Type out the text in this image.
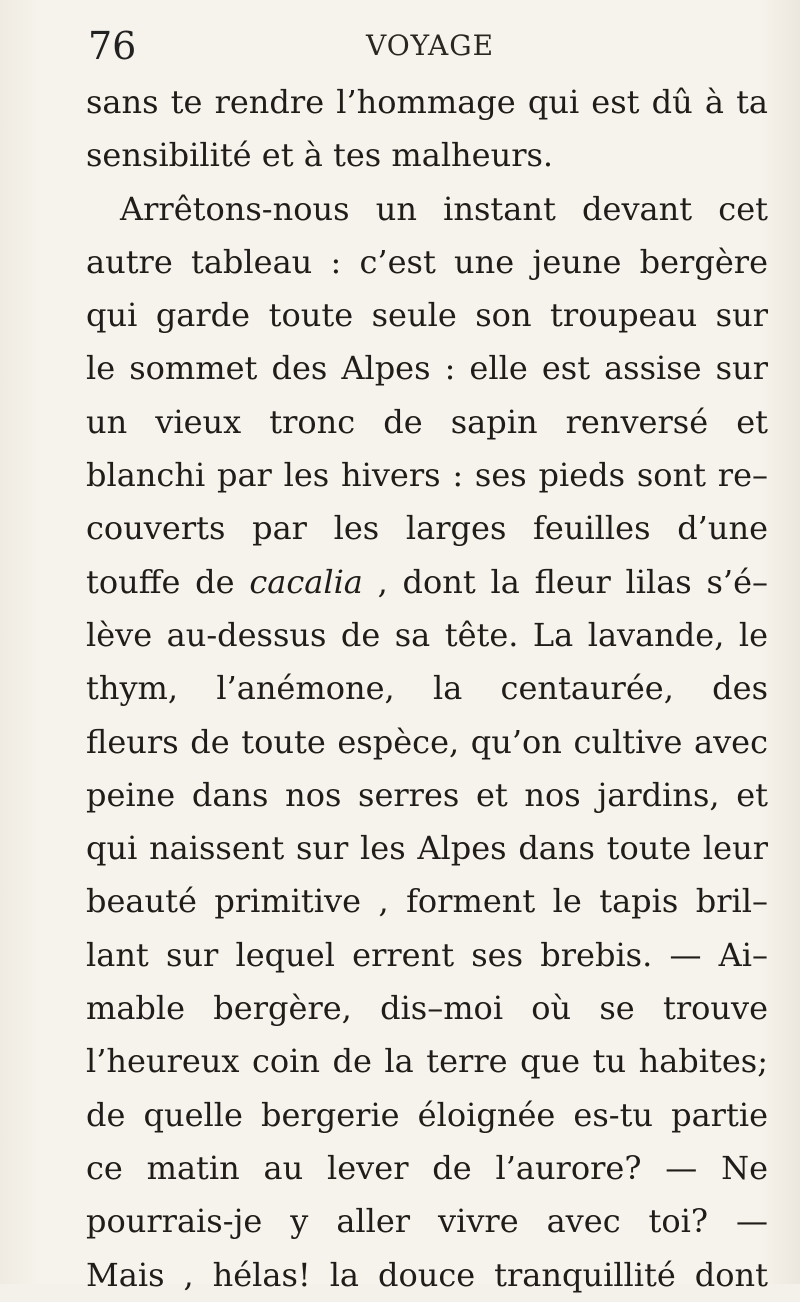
76	VOYAGE
sans te rendre l’hommage qui est dû à ta
sensibilité et à tes malheurs.
Arrêtons-nous un instant devant cet
autre tableau : c’est une jeune bergère
qui garde toute seule son troupeau sur
le sommet des Alpes : elle est assise sur
un vieux tronc de sapin renversé et
blanchi par les hivers : ses pieds sont re–
couverts par les larges feuilles d’une
touffe de cacalia , dont la fleur lilas s’é–
lève au-dessus de sa tête. La lavande, le
thym, l’anémone, la centaurée, des
fleurs de toute espèce, qu’on cultive avec
peine dans nos serres et nos jardins, et
qui naissent sur les Alpes dans toute leur
beauté primitive , forment le tapis bril–
lant sur lequel errent ses brebis. — Ai–
mable bergère, dis–moi où se trouve
l’heureux coin de la terre que tu habites;
de quelle bergerie éloignée es-tu partie
ce matin au lever de l’aurore? — Ne
pourrais-je y aller vivre avec toi? —
Mais , hélas! la douce tranquillité dont
